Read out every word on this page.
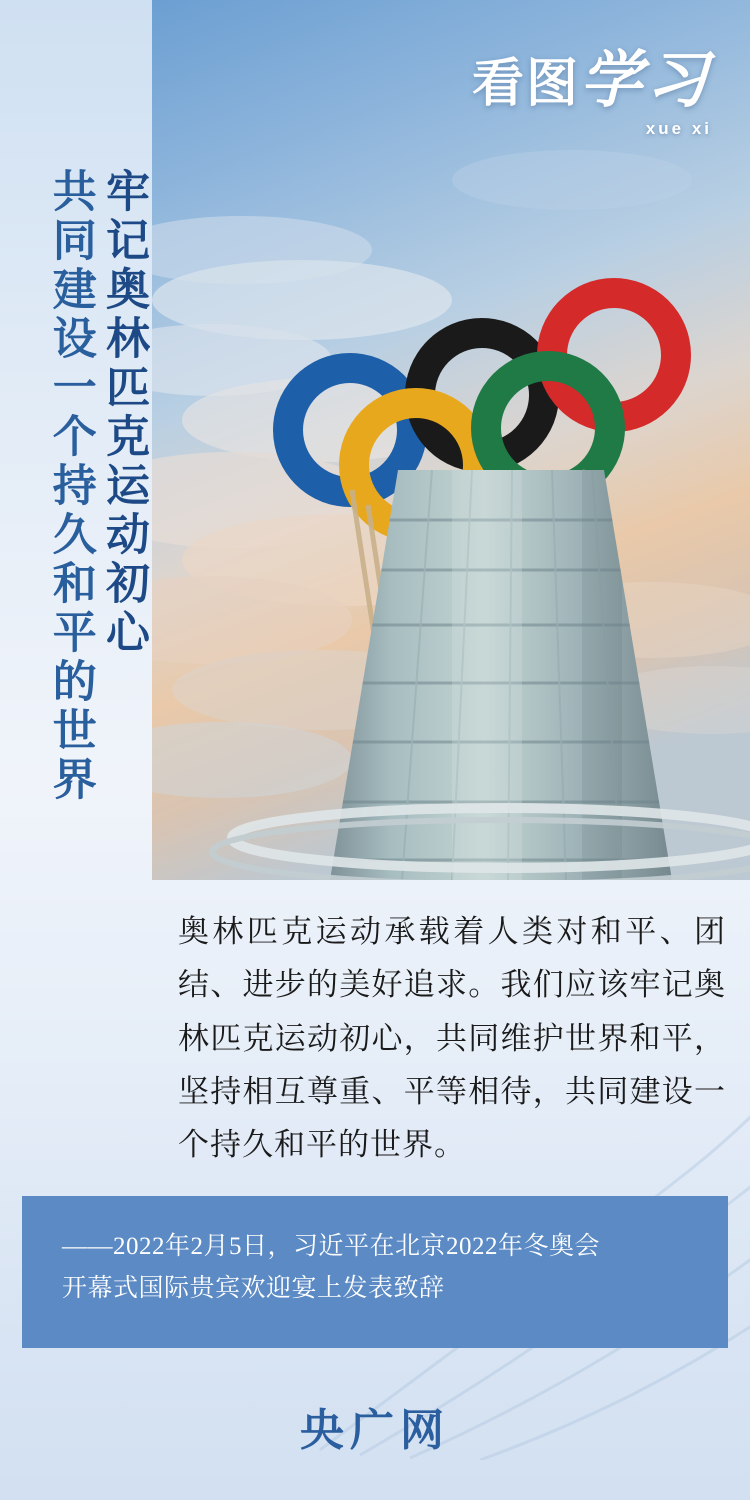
看图学习
xue xi
牢记奥林匹克运动初心
共同建设一个持久和平的世界
奥林匹克运动承载着人类对和平、团结、进步的美好追求。我们应该牢记奥林匹克运动初心，共同维护世界和平，坚持相互尊重、平等相待，共同建设一个持久和平的世界。
——2022年2月5日，习近平在北京2022年冬奥会
开幕式国际贵宾欢迎宴上发表致辞
央广网
